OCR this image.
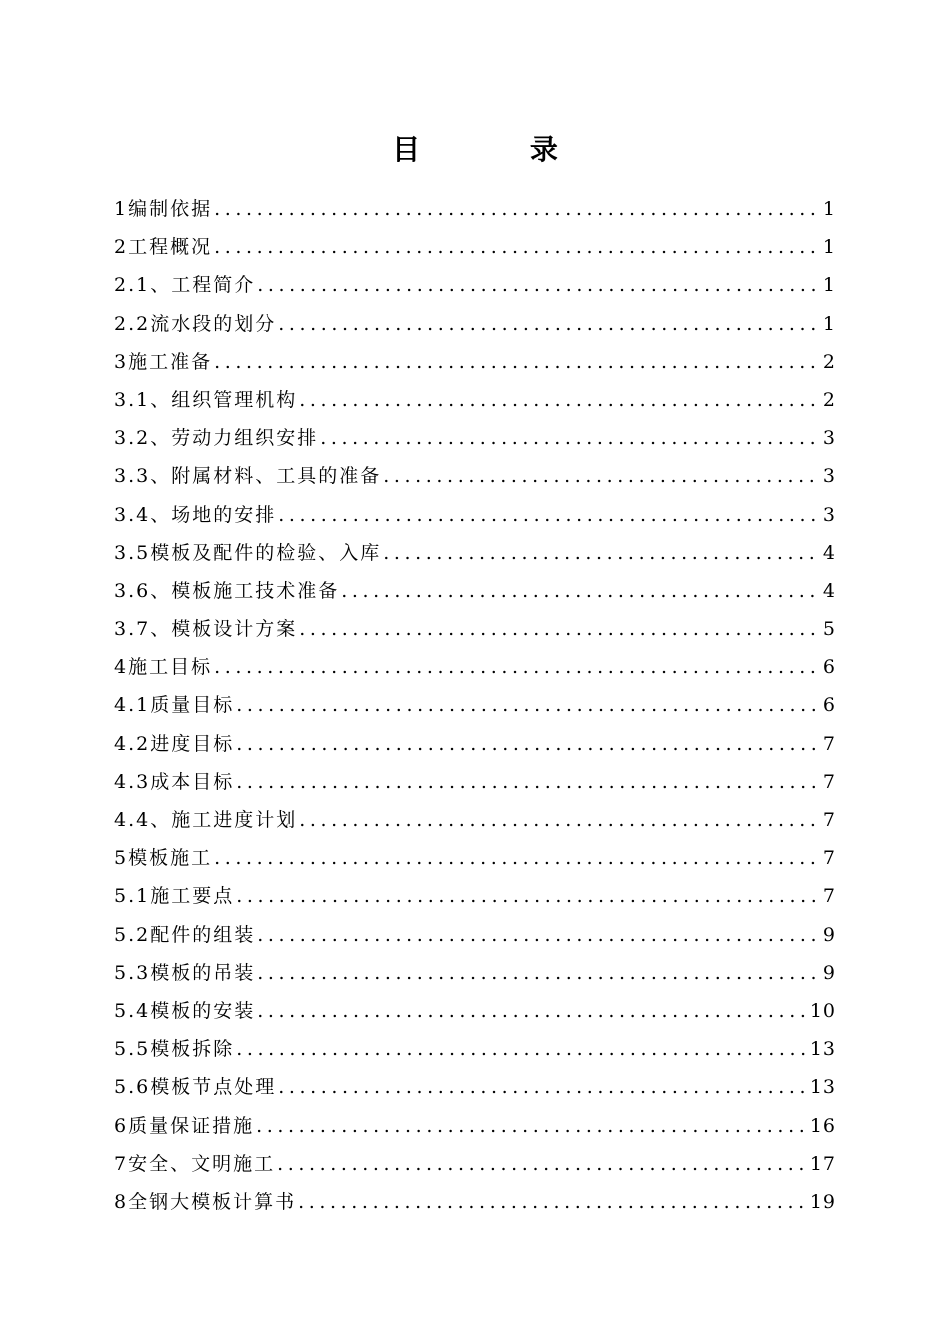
目 录
1编制依据 .....	1
2工程概况 .....	1
2.1、工程简介 .....	1
2.2流水段的划分 .....	1
3施工准备 .....	2
3.1、组织管理机构 .....	2
3.2、劳动力组织安排 .....	3
3.3、附属材料、工具的准备 .....	3
3.4、场地的安排 .....	3
3.5模板及配件的检验、入库 .....	4
3.6、模板施工技术准备 .....	4
3.7、模板设计方案 .....	5
4施工目标 .....	6
4.1质量目标 .....	6
4.2进度目标 .....	7
4.3成本目标 .....	7
4.4、施工进度计划 .....	7
5模板施工 .....	7
5.1施工要点 .....	7
5.2配件的组装 .....	9
5.3模板的吊装 .....	9
5.4模板的安装 .....	10
5.5模板拆除 .....	13
5.6模板节点处理 .....	13
6质量保证措施 .....	16
7安全、文明施工 .....	17
8全钢大模板计算书 .....	19
